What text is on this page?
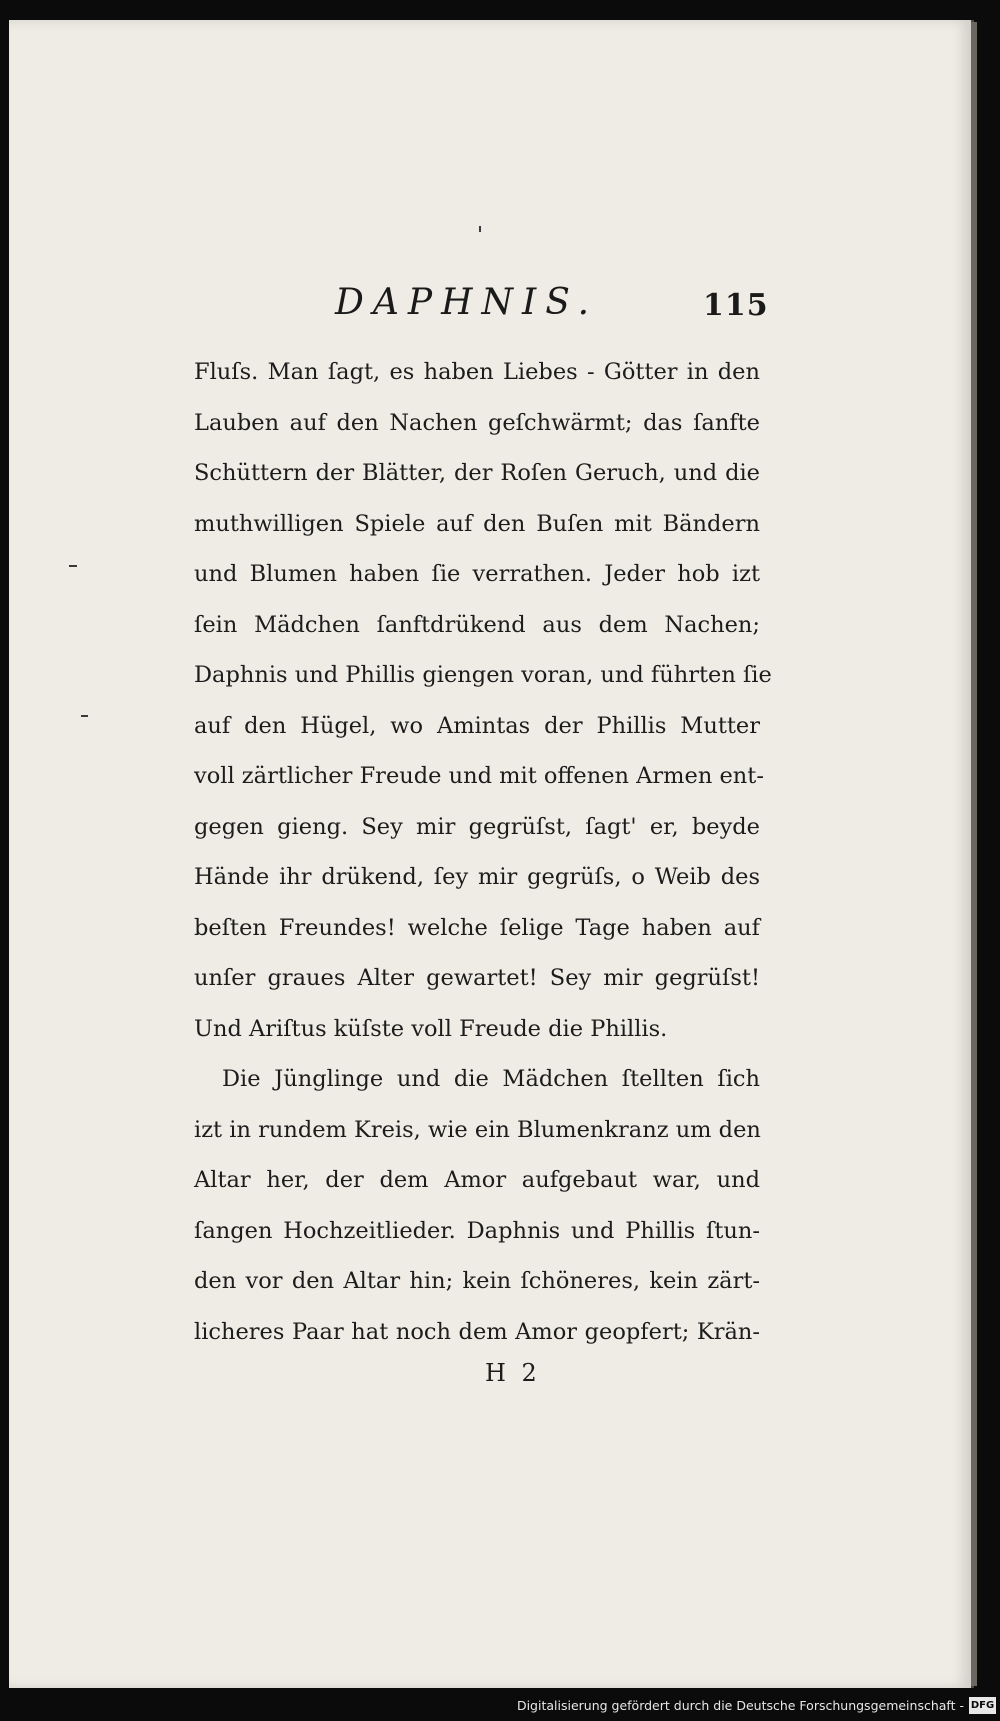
DAPHNIS.	115
Fluſs. Man ſagt, es haben Liebes - Götter in den
Lauben auf den Nachen geſchwärmt; das ſanfte
Schüttern der Blätter, der Roſen Geruch, und die
muthwilligen Spiele auf den Buſen mit Bändern
und Blumen haben ſie verrathen. Jeder hob izt
ſein Mädchen ſanftdrükend aus dem Nachen;
Daphnis und Phillis giengen voran, und führten ſie
auf den Hügel, wo Amintas der Phillis Mutter
voll zärtlicher Freude und mit offenen Armen ent-
gegen gieng. Sey mir gegrüſst, ſagt' er, beyde
Hände ihr drükend, ſey mir gegrüſs, o Weib des
beſten Freundes! welche ſelige Tage haben auf
unſer graues Alter gewartet! Sey mir gegrüſst!
Und Ariſtus küſste voll Freude die Phillis.
Die Jünglinge und die Mädchen ſtellten ſich
izt in rundem Kreis, wie ein Blumenkranz um den
Altar her, der dem Amor aufgebaut war, und
ſangen Hochzeitlieder. Daphnis und Phillis ſtun-
den vor den Altar hin; kein ſchöneres, kein zärt-
licheres Paar hat noch dem Amor geopfert; Krän-
H 2
Digitalisierung gefördert durch die Deutsche Forschungsgemeinschaft - DFG
